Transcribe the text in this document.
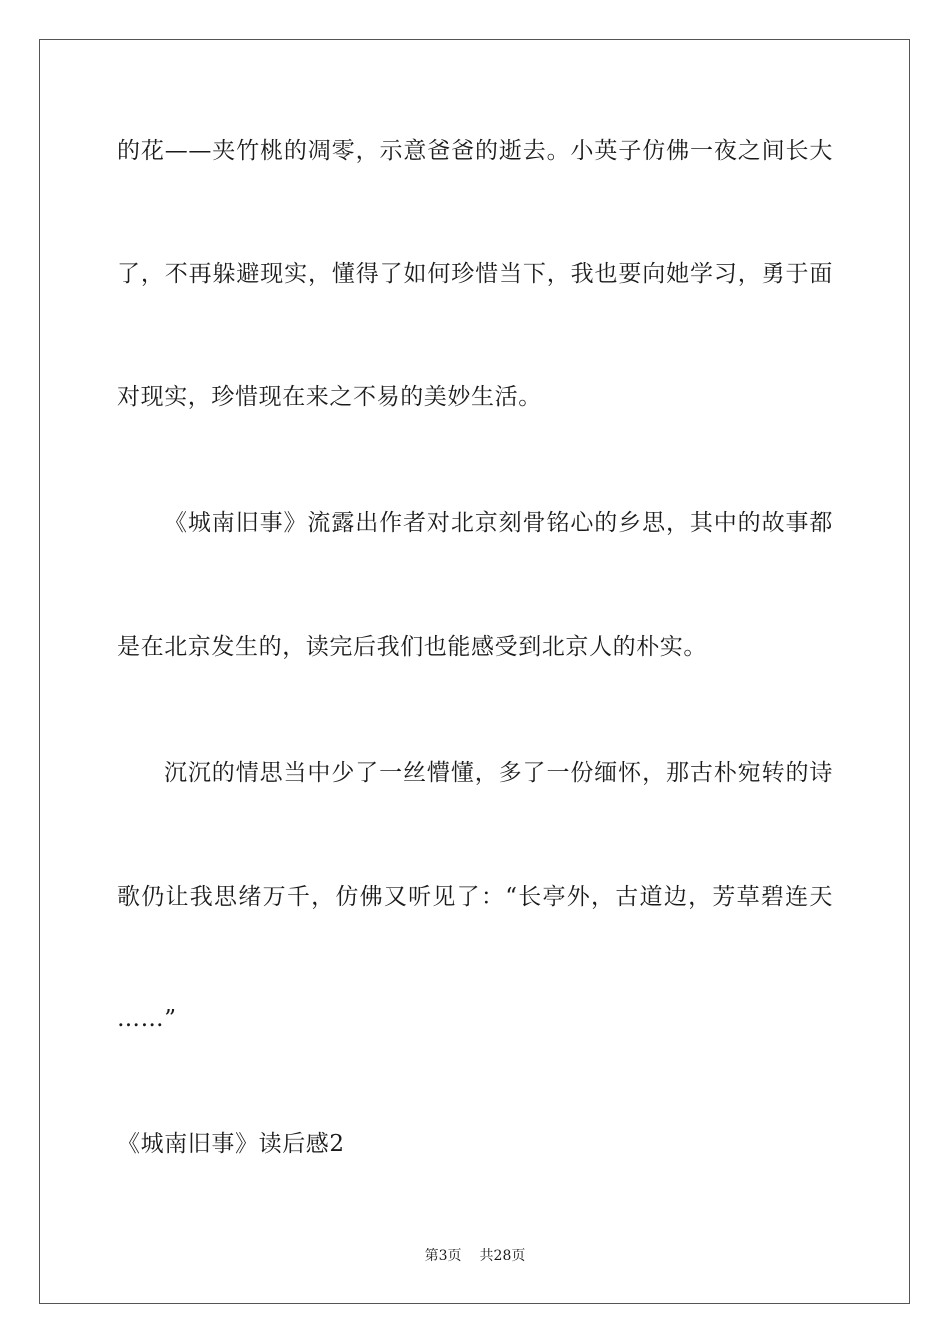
的花——夹竹桃的凋零，示意爸爸的逝去。小英子仿佛一夜之间长大
了，不再躲避现实，懂得了如何珍惜当下，我也要向她学习，勇于面
对现实，珍惜现在来之不易的美妙生活。
《城南旧事》流露出作者对北京刻骨铭心的乡思，其中的故事都
是在北京发生的，读完后我们也能感受到北京人的朴实。
沉沉的情思当中少了一丝懵懂，多了一份缅怀，那古朴宛转的诗
歌仍让我思绪万千，仿佛又听见了：“长亭外，古道边，芳草碧连天
……”
《城南旧事》读后感2
第3页 共28页
